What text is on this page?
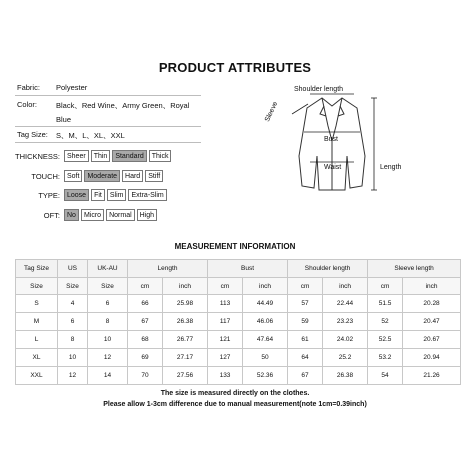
PRODUCT ATTRIBUTES
Fabric: Polyester
Color:	Black、Red Wine、Army Green、Royal
Blue
Tag Size: S、M、L、XL、XXL
THICKNESS:	Sheer	Thin	Standard	Thick
TOUCH:	Soft	Moderate	Hard	Stiff
TYPE:	Loose	Fit	Slim	Extra-Slim
OFT:	No	Micro	Normal	High
Shoulder length
Sleeve
Bust
Waist	Length
MEASUREMENT INFORMATION
Tag Size	US	UK-AU	Length		Bust		Shoulder length		Sleeve length	
Size	Size	Size	cm	inch	cm	inch	cm	inch	cm	inch
S	4	6	66	25.98	113	44.49	57	22.44	51.5	20.28
M	6	8	67	26.38	117	46.06	59	23.23	52	20.47
L	8	10	68	26.77	121	47.64	61	24.02	52.5	20.67
XL	10	12	69	27.17	127	50	64	25.2	53.2	20.94
XXL	12	14	70	27.56	133	52.36	67	26.38	54	21.26
The size is measured directly on the clothes.
Please allow 1-3cm difference due to manual measurement(note 1cm=0.39inch)
